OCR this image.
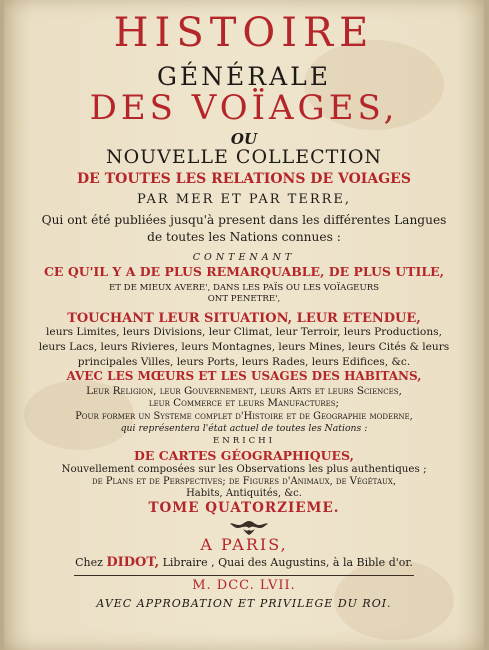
HISTOIRE

GÉNÉRALE

DES VOÏAGES,

OU

NOUVELLE COLLECTION

DE TOUTES LES RELATIONS DE VOIAGES

PAR MER ET PAR TERRE,

Qui ont été publiées jusqu'à present dans les différentes Langues

de toutes les Nations connues :

CONTENANT

CE QU'IL Y A DE PLUS REMARQUABLE, DE PLUS UTILE,

ET DE MIEUX AVERE', DANS LES PAÏS OU LES VOÏAGEURS

ONT PENETRE',

TOUCHANT LEUR SITUATION, LEUR ETENDUE,

leurs Limites, leurs Divisions, leur Climat, leur Terroir, leurs Productions,

leurs Lacs, leurs Rivieres, leurs Montagnes, leurs Mines, leurs Cités & leurs

principales Villes, leurs Ports, leurs Rades, leurs Edifices, &c.

AVEC LES MŒURS ET LES USAGES DES HABITANS,

Leur Religion, leur Gouvernement, leurs Arts et leurs Sciences,

leur Commerce et leurs Manufactures;

Pour former un Systeme complet d'Histoire et de Geographie moderne,

qui représentera l'état actuel de toutes les Nations :

ENRICHI

DE CARTES GÉOGRAPHIQUES,

Nouvellement composées sur les Observations les plus authentiques ;

de Plans et de Perspectives; de Figures d'Animaux, de Végétaux,

Habits, Antiquités, &c.

TOME QUATORZIEME.

A PARIS,

Chez DIDOT, Libraire , Quai des Augustins, à la Bible d'or.

M. DCC. LVII.

AVEC APPROBATION ET PRIVILEGE DU ROI.
